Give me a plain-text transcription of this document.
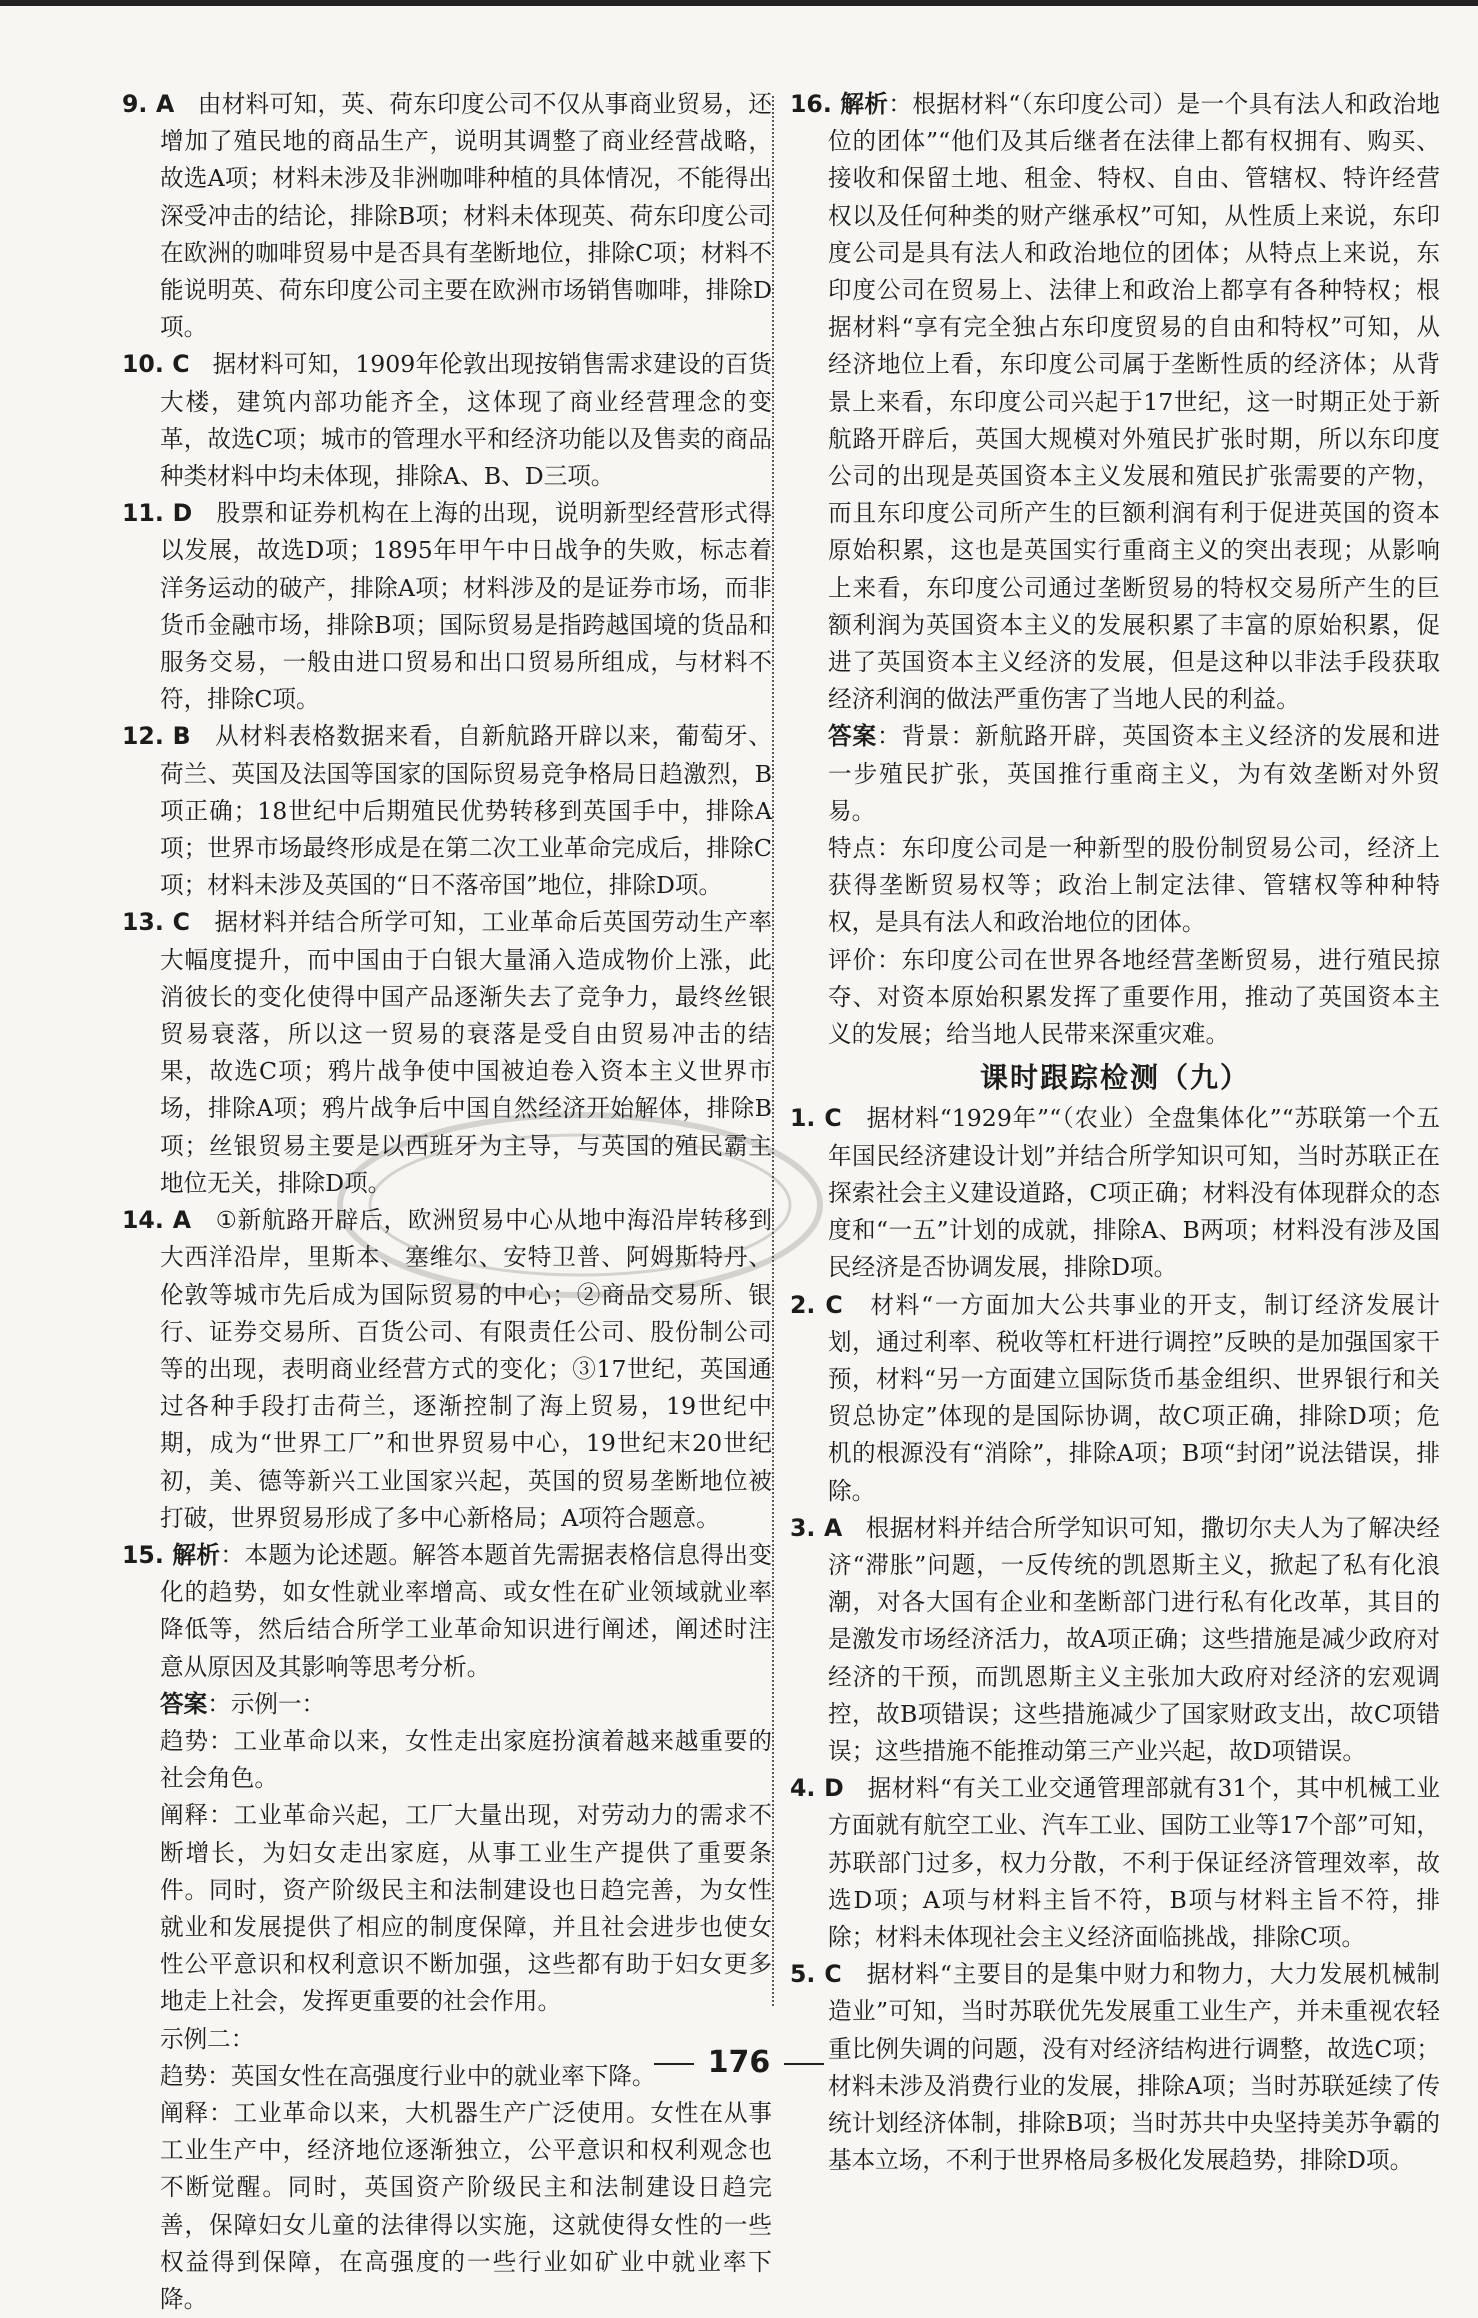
9. A 由材料可知，英、荷东印度公司不仅从事商业贸易，还增加了殖民地的商品生产，说明其调整了商业经营战略，故选A项；材料未涉及非洲咖啡种植的具体情况，不能得出深受冲击的结论，排除B项；材料未体现英、荷东印度公司在欧洲的咖啡贸易中是否具有垄断地位，排除C项；材料不能说明英、荷东印度公司主要在欧洲市场销售咖啡，排除D项。
10. C 据材料可知，1909年伦敦出现按销售需求建设的百货大楼，建筑内部功能齐全，这体现了商业经营理念的变革，故选C项；城市的管理水平和经济功能以及售卖的商品种类材料中均未体现，排除A、B、D三项。
11. D 股票和证券机构在上海的出现，说明新型经营形式得以发展，故选D项；1895年甲午中日战争的失败，标志着洋务运动的破产，排除A项；材料涉及的是证券市场，而非货币金融市场，排除B项；国际贸易是指跨越国境的货品和服务交易，一般由进口贸易和出口贸易所组成，与材料不符，排除C项。
12. B 从材料表格数据来看，自新航路开辟以来，葡萄牙、荷兰、英国及法国等国家的国际贸易竞争格局日趋激烈，B项正确；18世纪中后期殖民优势转移到英国手中，排除A项；世界市场最终形成是在第二次工业革命完成后，排除C项；材料未涉及英国的“日不落帝国”地位，排除D项。
13. C 据材料并结合所学可知，工业革命后英国劳动生产率大幅度提升，而中国由于白银大量涌入造成物价上涨，此消彼长的变化使得中国产品逐渐失去了竞争力，最终丝银贸易衰落，所以这一贸易的衰落是受自由贸易冲击的结果，故选C项；鸦片战争使中国被迫卷入资本主义世界市场，排除A项；鸦片战争后中国自然经济开始解体，排除B项；丝银贸易主要是以西班牙为主导，与英国的殖民霸主地位无关，排除D项。
14. A ①新航路开辟后，欧洲贸易中心从地中海沿岸转移到大西洋沿岸，里斯本、塞维尔、安特卫普、阿姆斯特丹、伦敦等城市先后成为国际贸易的中心；②商品交易所、银行、证券交易所、百货公司、有限责任公司、股份制公司等的出现，表明商业经营方式的变化；③17世纪，英国通过各种手段打击荷兰，逐渐控制了海上贸易，19世纪中期，成为“世界工厂”和世界贸易中心，19世纪末20世纪初，美、德等新兴工业国家兴起，英国的贸易垄断地位被打破，世界贸易形成了多中心新格局；A项符合题意。
15. 解析：本题为论述题。解答本题首先需据表格信息得出变化的趋势，如女性就业率增高、或女性在矿业领域就业率降低等，然后结合所学工业革命知识进行阐述，阐述时注意从原因及其影响等思考分析。
答案：示例一：
趋势：工业革命以来，女性走出家庭扮演着越来越重要的社会角色。
阐释：工业革命兴起，工厂大量出现，对劳动力的需求不断增长，为妇女走出家庭，从事工业生产提供了重要条件。同时，资产阶级民主和法制建设也日趋完善，为女性就业和发展提供了相应的制度保障，并且社会进步也使女性公平意识和权利意识不断加强，这些都有助于妇女更多地走上社会，发挥更重要的社会作用。
示例二：
趋势：英国女性在高强度行业中的就业率下降。
阐释：工业革命以来，大机器生产广泛使用。女性在从事工业生产中，经济地位逐渐独立，公平意识和权利观念也不断觉醒。同时，英国资产阶级民主和法制建设日趋完善，保障妇女儿童的法律得以实施，这就使得女性的一些权益得到保障，在高强度的一些行业如矿业中就业率下降。
16. 解析：根据材料“（东印度公司）是一个具有法人和政治地位的团体”“他们及其后继者在法律上都有权拥有、购买、接收和保留土地、租金、特权、自由、管辖权、特许经营权以及任何种类的财产继承权”可知，从性质上来说，东印度公司是具有法人和政治地位的团体；从特点上来说，东印度公司在贸易上、法律上和政治上都享有各种特权；根据材料“享有完全独占东印度贸易的自由和特权”可知，从经济地位上看，东印度公司属于垄断性质的经济体；从背景上来看，东印度公司兴起于17世纪，这一时期正处于新航路开辟后，英国大规模对外殖民扩张时期，所以东印度公司的出现是英国资本主义发展和殖民扩张需要的产物，而且东印度公司所产生的巨额利润有利于促进英国的资本原始积累，这也是英国实行重商主义的突出表现；从影响上来看，东印度公司通过垄断贸易的特权交易所产生的巨额利润为英国资本主义的发展积累了丰富的原始积累，促进了英国资本主义经济的发展，但是这种以非法手段获取经济利润的做法严重伤害了当地人民的利益。
答案：背景：新航路开辟，英国资本主义经济的发展和进一步殖民扩张，英国推行重商主义，为有效垄断对外贸易。
特点：东印度公司是一种新型的股份制贸易公司，经济上获得垄断贸易权等；政治上制定法律、管辖权等种种特权，是具有法人和政治地位的团体。
评价：东印度公司在世界各地经营垄断贸易，进行殖民掠夺、对资本原始积累发挥了重要作用，推动了英国资本主义的发展；给当地人民带来深重灾难。
课时跟踪检测（九）
1. C 据材料“1929年”“（农业）全盘集体化”“苏联第一个五年国民经济建设计划”并结合所学知识可知，当时苏联正在探索社会主义建设道路，C项正确；材料没有体现群众的态度和“一五”计划的成就，排除A、B两项；材料没有涉及国民经济是否协调发展，排除D项。
2. C 材料“一方面加大公共事业的开支，制订经济发展计划，通过利率、税收等杠杆进行调控”反映的是加强国家干预，材料“另一方面建立国际货币基金组织、世界银行和关贸总协定”体现的是国际协调，故C项正确，排除D项；危机的根源没有“消除”，排除A项；B项“封闭”说法错误，排除。
3. A 根据材料并结合所学知识可知，撒切尔夫人为了解决经济“滞胀”问题，一反传统的凯恩斯主义，掀起了私有化浪潮，对各大国有企业和垄断部门进行私有化改革，其目的是激发市场经济活力，故A项正确；这些措施是减少政府对经济的干预，而凯恩斯主义主张加大政府对经济的宏观调控，故B项错误；这些措施减少了国家财政支出，故C项错误；这些措施不能推动第三产业兴起，故D项错误。
4. D 据材料“有关工业交通管理部就有31个，其中机械工业方面就有航空工业、汽车工业、国防工业等17个部”可知，苏联部门过多，权力分散，不利于保证经济管理效率，故选D项；A项与材料主旨不符，B项与材料主旨不符，排除；材料未体现社会主义经济面临挑战，排除C项。
5. C 据材料“主要目的是集中财力和物力，大力发展机械制造业”可知，当时苏联优先发展重工业生产，并未重视农轻重比例失调的问题，没有对经济结构进行调整，故选C项；材料未涉及消费行业的发展，排除A项；当时苏联延续了传统计划经济体制，排除B项；当时苏共中央坚持美苏争霸的基本立场，不利于世界格局多极化发展趋势，排除D项。
176
